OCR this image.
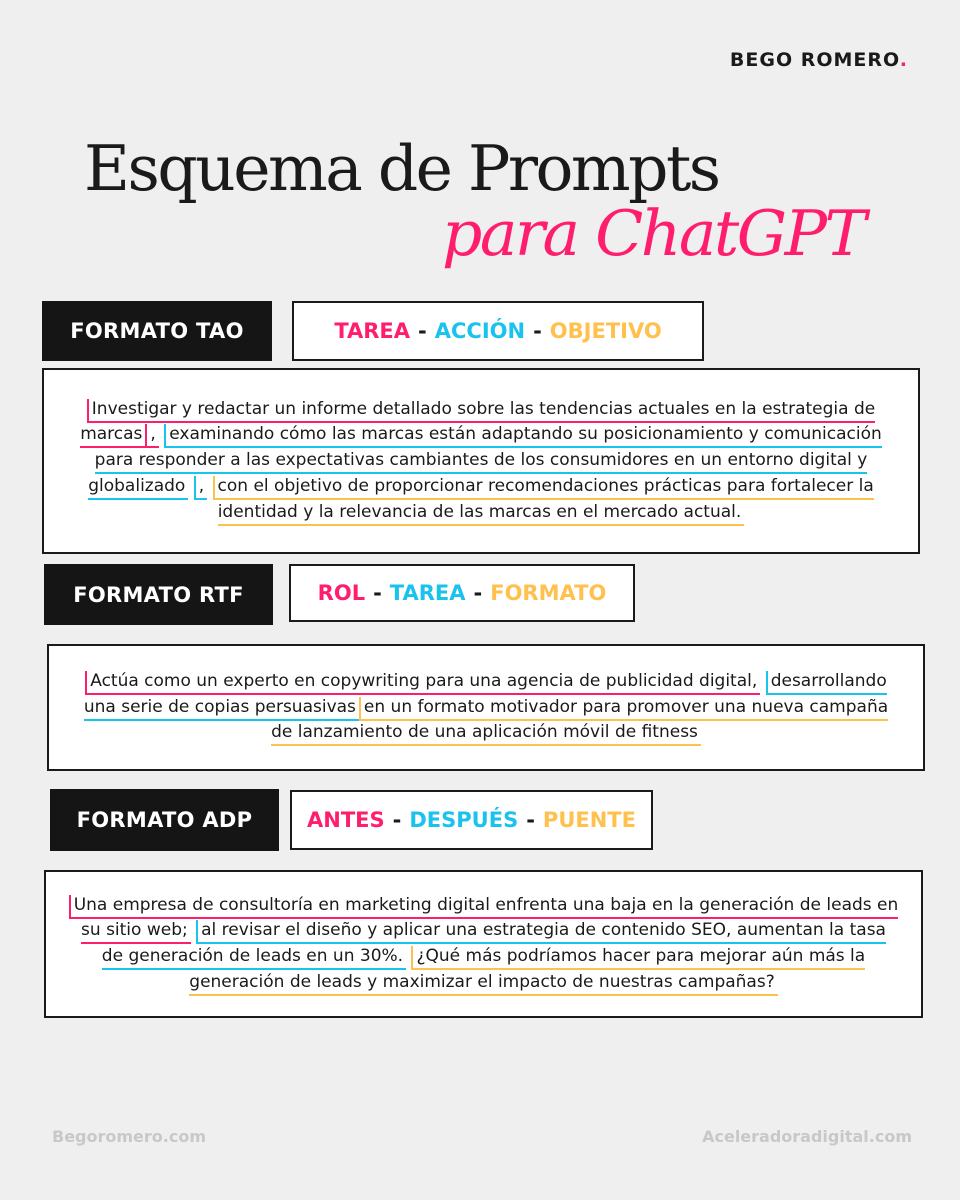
BEGO ROMERO.
Esquema de Prompts
para ChatGPT
FORMATO TAO	TAREA - ACCIÓN - OBJETIVO
Investigar y redactar un informe detallado sobre las tendencias actuales en la estrategia de marcas , examinando cómo las marcas están adaptando su posicionamiento y comunicación para responder a las expectativas cambiantes de los consumidores en un entorno digital y globalizado , con el objetivo de proporcionar recomendaciones prácticas para fortalecer la identidad y la relevancia de las marcas en el mercado actual.
FORMATO RTF	ROL - TAREA - FORMATO
Actúa como un experto en copywriting para una agencia de publicidad digital, desarrollando una serie de copias persuasivas en un formato motivador para promover una nueva campaña de lanzamiento de una aplicación móvil de fitness
FORMATO ADP	ANTES - DESPUÉS - PUENTE
Una empresa de consultoría en marketing digital enfrenta una baja en la generación de leads en su sitio web; al revisar el diseño y aplicar una estrategia de contenido SEO, aumentan la tasa de generación de leads en un 30%. ¿Qué más podríamos hacer para mejorar aún más la generación de leads y maximizar el impacto de nuestras campañas?
Begoromero.com	Aceleradoradigital.com
